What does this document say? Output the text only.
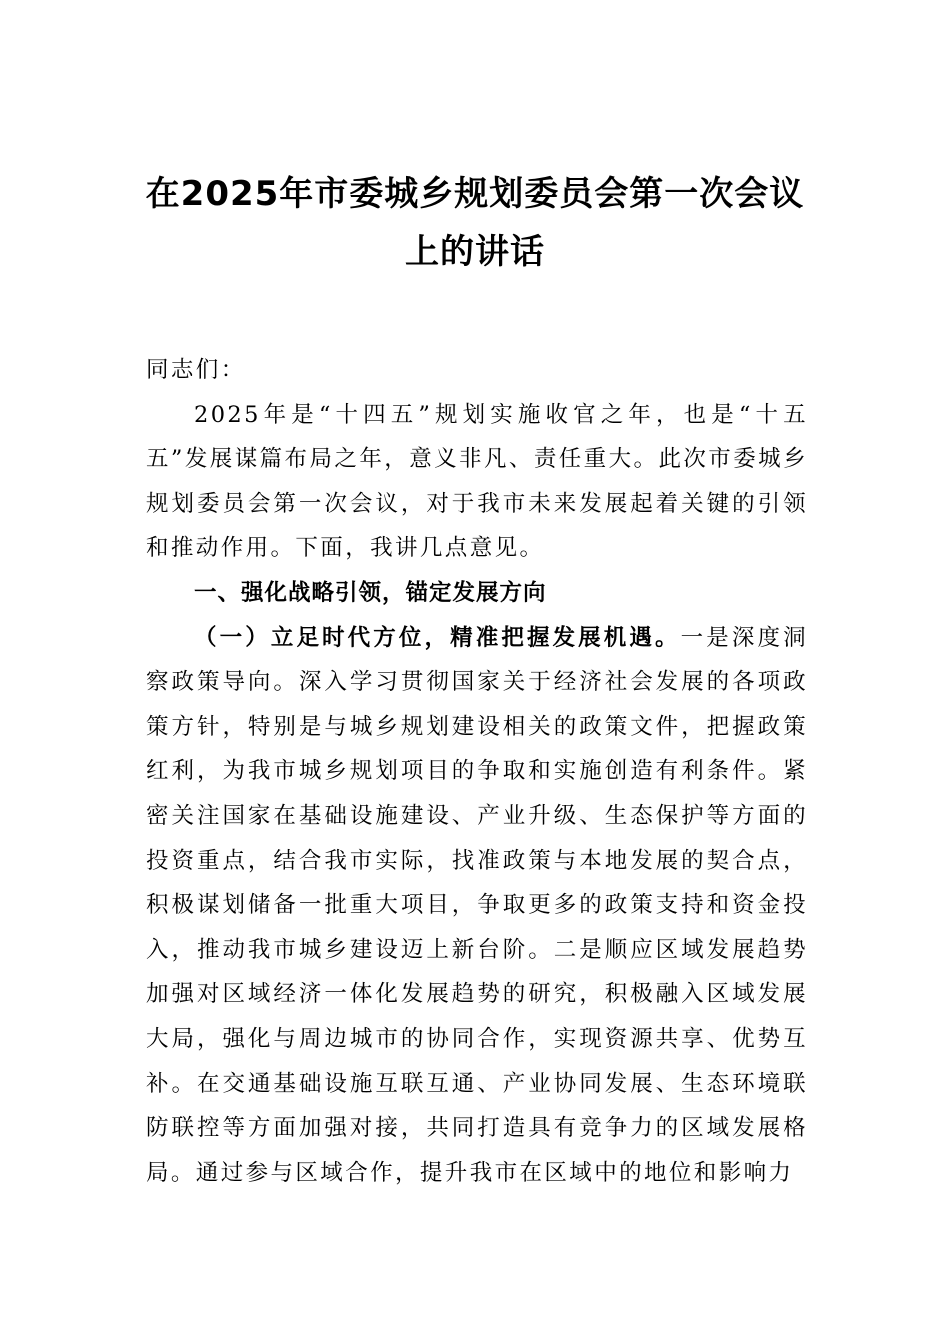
在2025年市委城乡规划委员会第一次会议
上的讲话

同志们：

2025年是“十四五”规划实施收官之年，也是“十五五”发展谋篇布局之年，意义非凡、责任重大。此次市委城乡规划委员会第一次会议，对于我市未来发展起着关键的引领和推动作用。下面，我讲几点意见。

一、强化战略引领，锚定发展方向

（一）立足时代方位，精准把握发展机遇。一是深度洞察政策导向。深入学习贯彻国家关于经济社会发展的各项政策方针，特别是与城乡规划建设相关的政策文件，把握政策红利，为我市城乡规划项目的争取和实施创造有利条件。紧密关注国家在基础设施建设、产业升级、生态保护等方面的投资重点，结合我市实际，找准政策与本地发展的契合点，积极谋划储备一批重大项目，争取更多的政策支持和资金投入，推动我市城乡建设迈上新台阶。二是顺应区域发展趋势加强对区域经济一体化发展趋势的研究，积极融入区域发展大局，强化与周边城市的协同合作，实现资源共享、优势互补。在交通基础设施互联互通、产业协同发展、生态环境联防联控等方面加强对接，共同打造具有竞争力的区域发展格局。通过参与区域合作，提升我市在区域中的地位和影响力
